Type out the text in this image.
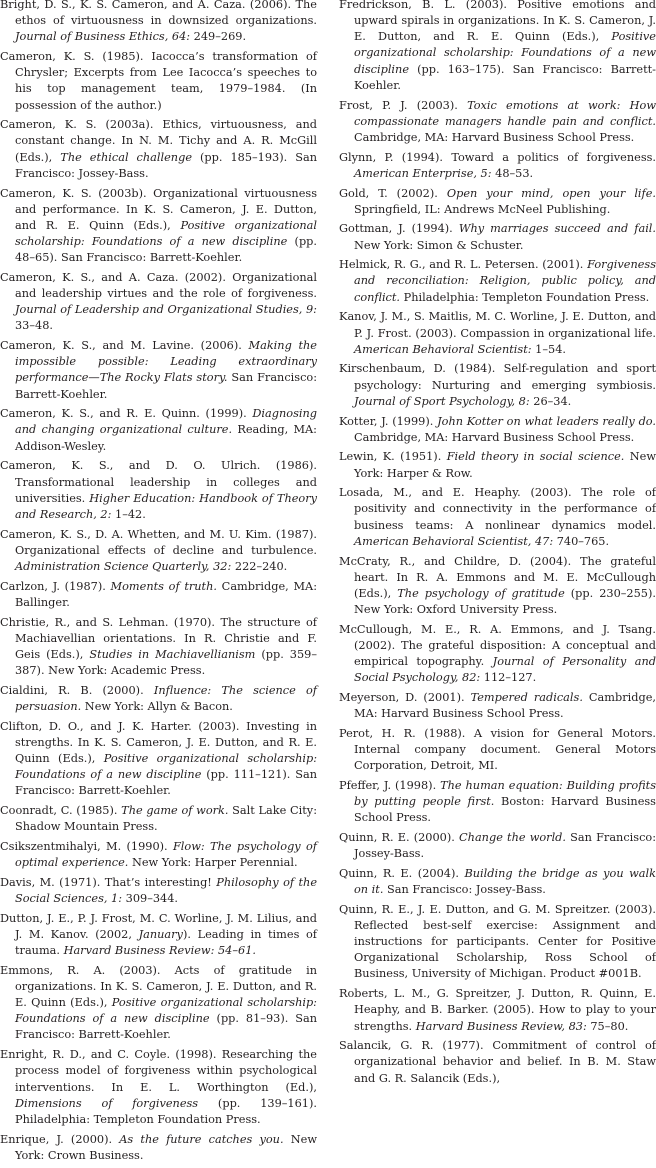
Bright, D. S., K. S. Cameron, and A. Caza. (2006). The ethos of virtuousness in downsized organizations. Journal of Business Ethics, 64: 249–269.

Cameron, K. S. (1985). Iacocca’s transformation of Chrysler; Excerpts from Lee Iacocca’s speeches to his top management team, 1979–1984. (In possession of the author.)

Cameron, K. S. (2003a). Ethics, virtuousness, and constant change. In N. M. Tichy and A. R. McGill (Eds.), The ethical challenge (pp. 185–193). San Francisco: Jossey-Bass.

Cameron, K. S. (2003b). Organizational virtuousness and performance. In K. S. Cameron, J. E. Dutton, and R. E. Quinn (Eds.), Positive organizational scholarship: Foundations of a new discipline (pp. 48–65). San Francisco: Barrett-Koehler.

Cameron, K. S., and A. Caza. (2002). Organizational and leadership virtues and the role of forgiveness. Journal of Leadership and Organizational Studies, 9: 33–48.

Cameron, K. S., and M. Lavine. (2006). Making the impossible possible: Leading extraordinary performance—The Rocky Flats story. San Francisco: Barrett-Koehler.

Cameron, K. S., and R. E. Quinn. (1999). Diagnosing and changing organizational culture. Reading, MA: Addison-Wesley.

Cameron, K. S., and D. O. Ulrich. (1986). Transformational leadership in colleges and universities. Higher Education: Handbook of Theory and Research, 2: 1–42.

Cameron, K. S., D. A. Whetten, and M. U. Kim. (1987). Organizational effects of decline and turbulence. Administration Science Quarterly, 32: 222–240.

Carlzon, J. (1987). Moments of truth. Cambridge, MA: Ballinger.

Christie, R., and S. Lehman. (1970). The structure of Machiavellian orientations. In R. Christie and F. Geis (Eds.), Studies in Machiavellianism (pp. 359–387). New York: Academic Press.

Cialdini, R. B. (2000). Influence: The science of persuasion. New York: Allyn & Bacon.

Clifton, D. O., and J. K. Harter. (2003). Investing in strengths. In K. S. Cameron, J. E. Dutton, and R. E. Quinn (Eds.), Positive organizational scholarship: Foundations of a new discipline (pp. 111–121). San Francisco: Barrett-Koehler.

Coonradt, C. (1985). The game of work. Salt Lake City: Shadow Mountain Press.

Csikszentmihalyi, M. (1990). Flow: The psychology of optimal experience. New York: Harper Perennial.

Davis, M. (1971). That’s interesting! Philosophy of the Social Sciences, 1: 309–344.

Dutton, J. E., P. J. Frost, M. C. Worline, J. M. Lilius, and J. M. Kanov. (2002, January). Leading in times of trauma. Harvard Business Review: 54–61.

Emmons, R. A. (2003). Acts of gratitude in organizations. In K. S. Cameron, J. E. Dutton, and R. E. Quinn (Eds.), Positive organizational scholarship: Foundations of a new discipline (pp. 81–93). San Francisco: Barrett-Koehler.

Enright, R. D., and C. Coyle. (1998). Researching the process model of forgiveness within psychological interventions. In E. L. Worthington (Ed.), Dimensions of forgiveness (pp. 139–161). Philadelphia: Templeton Foundation Press.

Enrique, J. (2000). As the future catches you. New York: Crown Business.

Fredrickson, B. L. (2003). Positive emotions and upward spirals in organizations. In K. S. Cameron, J. E. Dutton, and R. E. Quinn (Eds.), Positive organizational scholarship: Foundations of a new discipline (pp. 163–175). San Francisco: Barrett-Koehler.

Frost, P. J. (2003). Toxic emotions at work: How compassionate managers handle pain and conflict. Cambridge, MA: Harvard Business School Press.

Glynn, P. (1994). Toward a politics of forgiveness. American Enterprise, 5: 48–53.

Gold, T. (2002). Open your mind, open your life. Springfield, IL: Andrews McNeel Publishing.

Gottman, J. (1994). Why marriages succeed and fail. New York: Simon & Schuster.

Helmick, R. G., and R. L. Petersen. (2001). Forgiveness and reconciliation: Religion, public policy, and conflict. Philadelphia: Templeton Foundation Press.

Kanov, J. M., S. Maitlis, M. C. Worline, J. E. Dutton, and P. J. Frost. (2003). Compassion in organizational life. American Behavioral Scientist: 1–54.

Kirschenbaum, D. (1984). Self-regulation and sport psychology: Nurturing and emerging symbiosis. Journal of Sport Psychology, 8: 26–34.

Kotter, J. (1999). John Kotter on what leaders really do. Cambridge, MA: Harvard Business School Press.

Lewin, K. (1951). Field theory in social science. New York: Harper & Row.

Losada, M., and E. Heaphy. (2003). The role of positivity and connectivity in the performance of business teams: A nonlinear dynamics model. American Behavioral Scientist, 47: 740–765.

McCraty, R., and Childre, D. (2004). The grateful heart. In R. A. Emmons and M. E. McCullough (Eds.), The psychology of gratitude (pp. 230–255). New York: Oxford University Press.

McCullough, M. E., R. A. Emmons, and J. Tsang. (2002). The grateful disposition: A conceptual and empirical topography. Journal of Personality and Social Psychology, 82: 112–127.

Meyerson, D. (2001). Tempered radicals. Cambridge, MA: Harvard Business School Press.

Perot, H. R. (1988). A vision for General Motors. Internal company document. General Motors Corporation, Detroit, MI.

Pfeffer, J. (1998). The human equation: Building profits by putting people first. Boston: Harvard Business School Press.

Quinn, R. E. (2000). Change the world. San Francisco: Jossey-Bass.

Quinn, R. E. (2004). Building the bridge as you walk on it. San Francisco: Jossey-Bass.

Quinn, R. E., J. E. Dutton, and G. M. Spreitzer. (2003). Reflected best-self exercise: Assignment and instructions for participants. Center for Positive Organizational Scholarship, Ross School of Business, University of Michigan. Product #001B.

Roberts, L. M., G. Spreitzer, J. Dutton, R. Quinn, E. Heaphy, and B. Barker. (2005). How to play to your strengths. Harvard Business Review, 83: 75–80.

Salancik, G. R. (1977). Commitment of control of organizational behavior and belief. In B. M. Staw and G. R. Salancik (Eds.),
